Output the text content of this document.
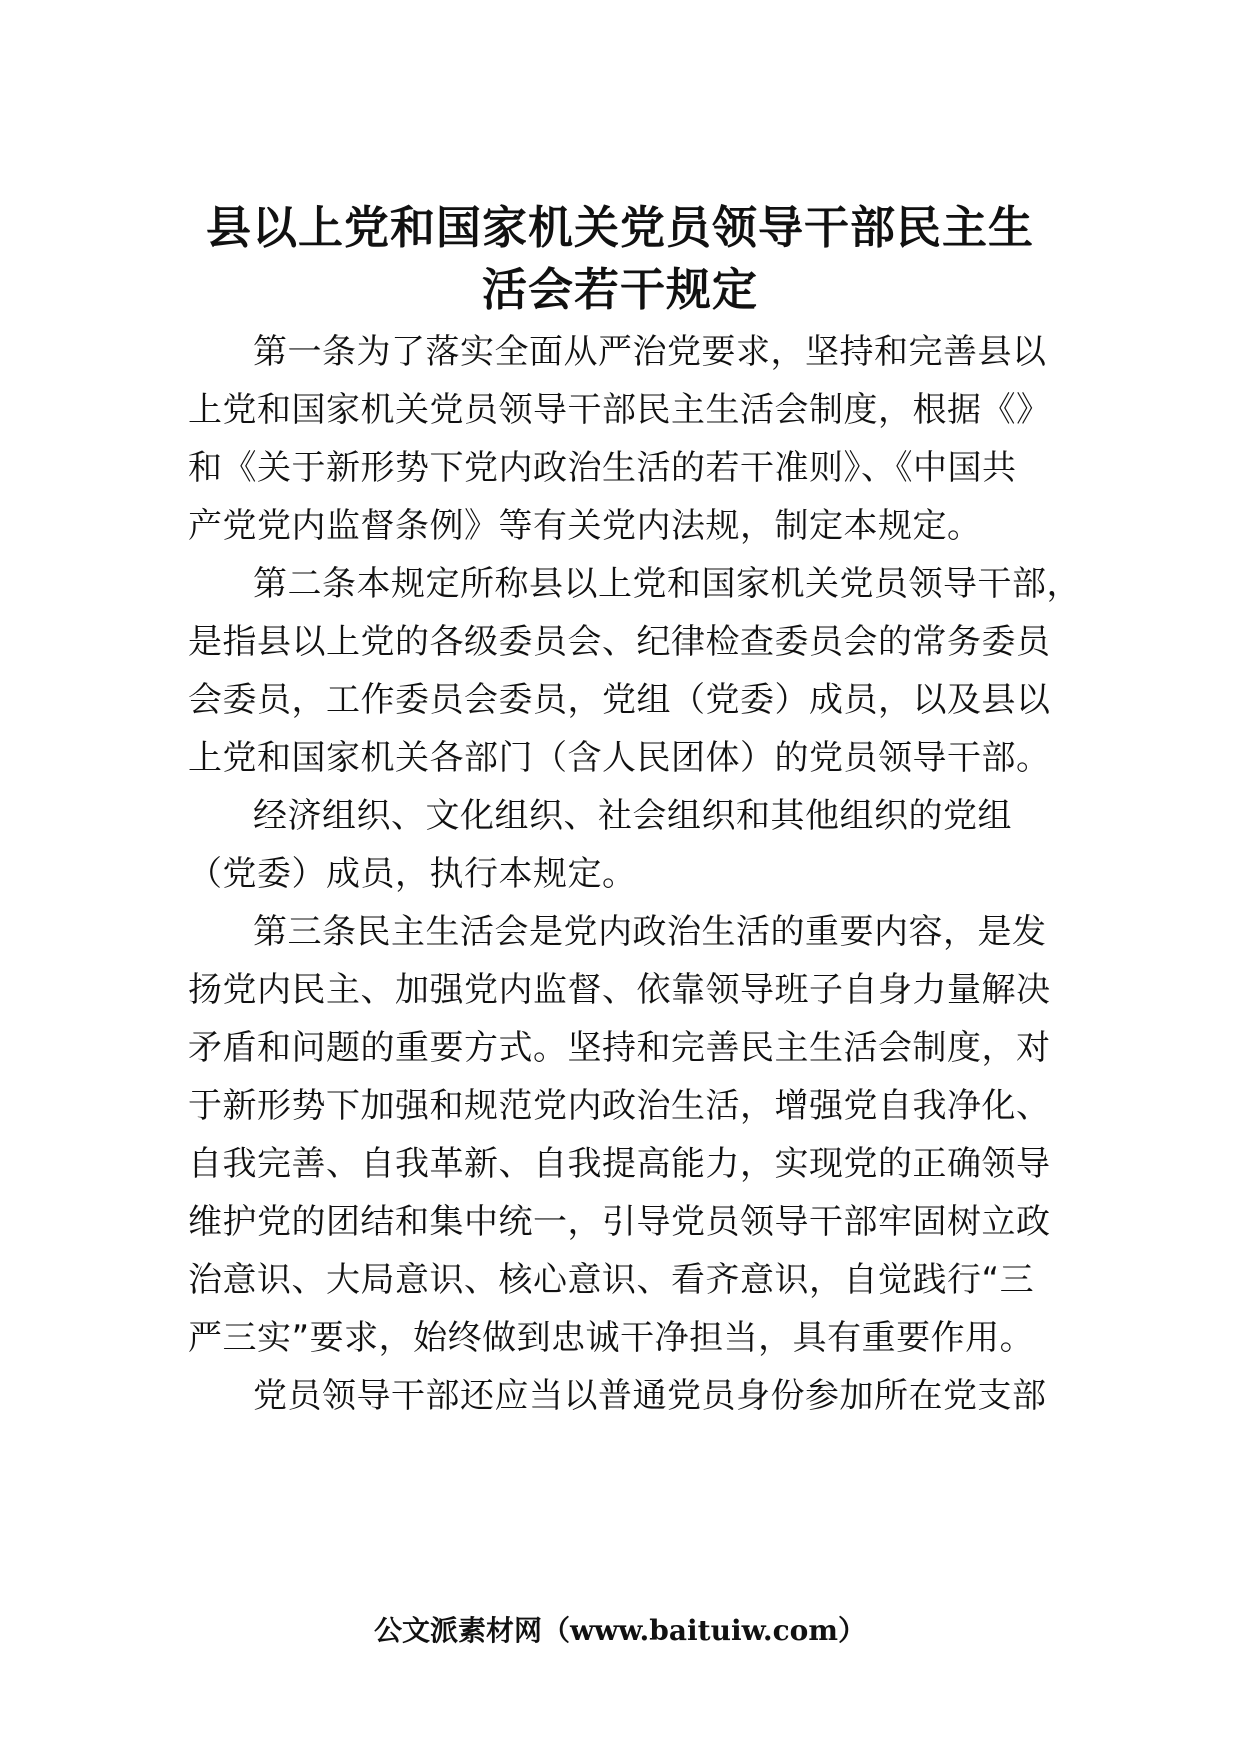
县以上党和国家机关党员领导干部民主生
活会若干规定
第一条为了落实全面从严治党要求，坚持和完善县以
上党和国家机关党员领导干部民主生活会制度，根据《》
和《关于新形势下党内政治生活的若干准则》、《中国共
产党党内监督条例》等有关党内法规，制定本规定。
第二条本规定所称县以上党和国家机关党员领导干部，
是指县以上党的各级委员会、纪律检查委员会的常务委员
会委员，工作委员会委员，党组（党委）成员，以及县以
上党和国家机关各部门（含人民团体）的党员领导干部。
经济组织、文化组织、社会组织和其他组织的党组
（党委）成员，执行本规定。
第三条民主生活会是党内政治生活的重要内容，是发
扬党内民主、加强党内监督、依靠领导班子自身力量解决
矛盾和问题的重要方式。坚持和完善民主生活会制度，对
于新形势下加强和规范党内政治生活，增强党自我净化、
自我完善、自我革新、自我提高能力，实现党的正确领导
维护党的团结和集中统一，引导党员领导干部牢固树立政
治意识、大局意识、核心意识、看齐意识，自觉践行“三
严三实”要求，始终做到忠诚干净担当，具有重要作用。
党员领导干部还应当以普通党员身份参加所在党支部
公文派素材网（www.baituiw.com）
